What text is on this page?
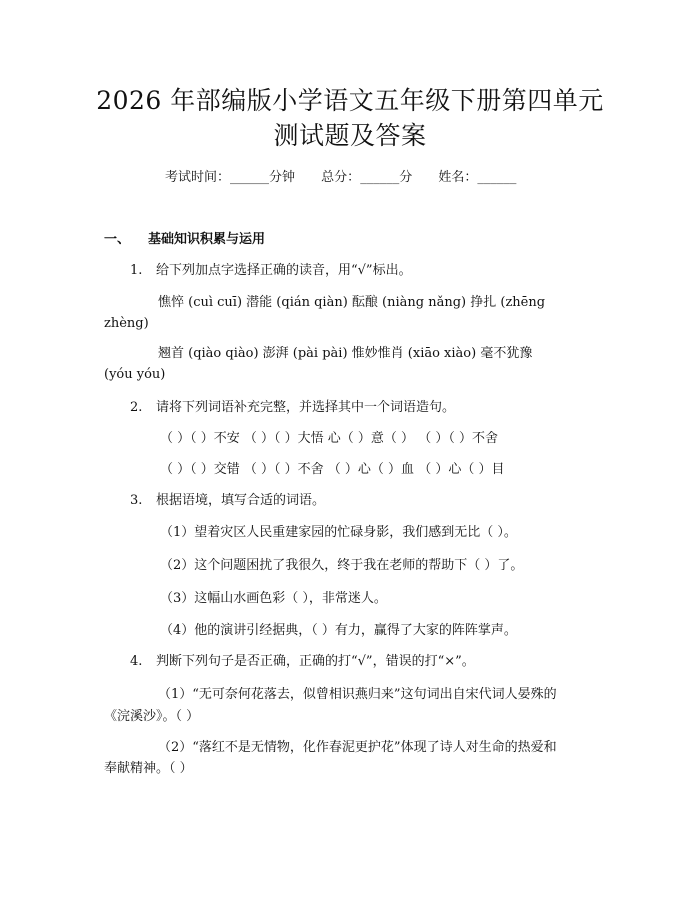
2026 年部编版小学语文五年级下册第四单元
测试题及答案
考试时间：______分钟 总分：______分 姓名：______
一、 基础知识积累与运用
1. 给下列加点字选择正确的读音，用“√”标出。
憔悴 (cuì cuī) 潜能 (qián qiàn) 酝酿 (niàng nǎng) 挣扎 (zhēng
zhèng)
翘首 (qiào qiào) 澎湃 (pài pài) 惟妙惟肖 (xiāo xiào) 毫不犹豫
(yóu yóu)
2. 请将下列词语补充完整，并选择其中一个词语造句。
（ ）（ ）不安 （ ）（ ）大悟 心（ ）意（ ） （ ）（ ）不舍
（ ）（ ）交错 （ ）（ ）不舍 （ ）心（ ）血 （ ）心（ ）目
3. 根据语境，填写合适的词语。
（1）望着灾区人民重建家园的忙碌身影，我们感到无比（ ）。
（2）这个问题困扰了我很久，终于我在老师的帮助下（ ）了。
（3）这幅山水画色彩（ ），非常迷人。
（4）他的演讲引经据典，（ ）有力，赢得了大家的阵阵掌声。
4. 判断下列句子是否正确，正确的打“√”，错误的打“×”。
（1）“无可奈何花落去，似曾相识燕归来”这句词出自宋代词人晏殊的
《浣溪沙》。（ ）
（2）“落红不是无情物，化作春泥更护花”体现了诗人对生命的热爱和
奉献精神。（ ）
